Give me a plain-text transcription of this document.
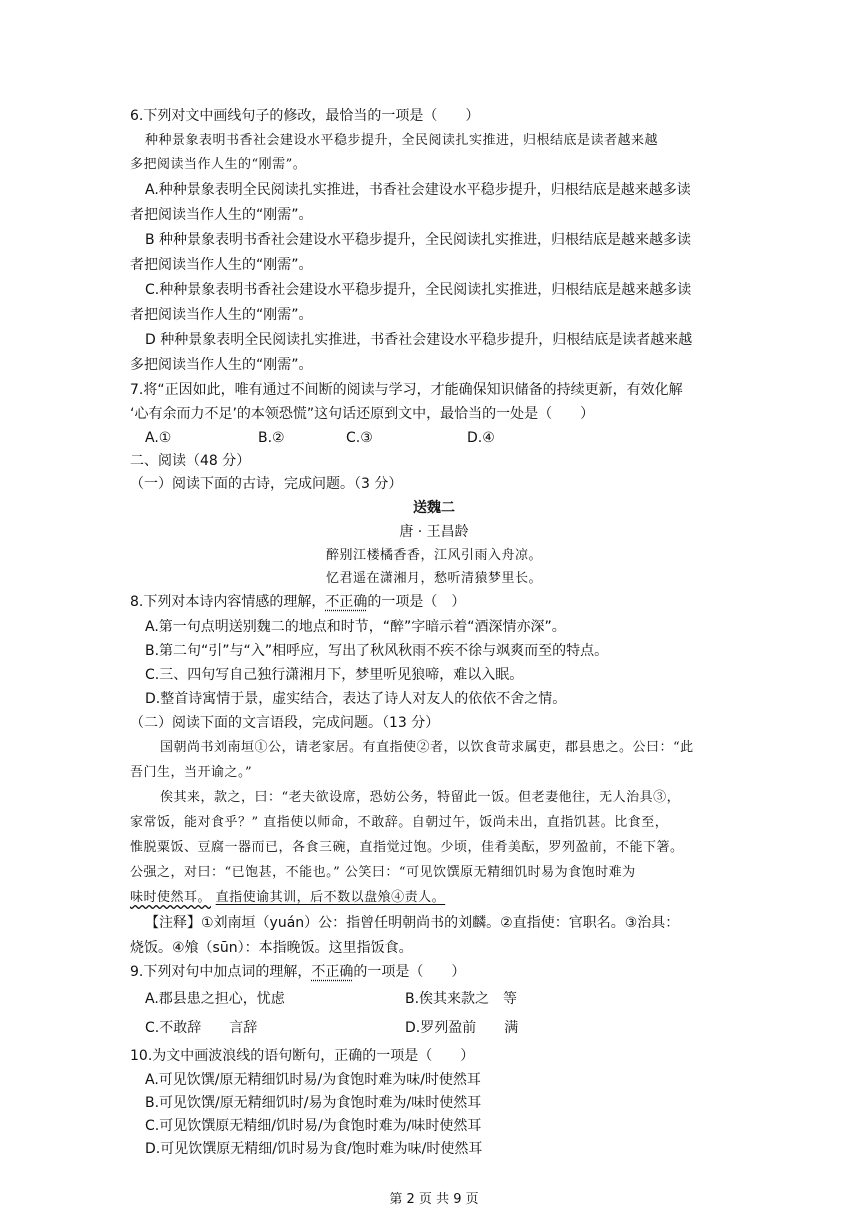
6.下列对文中画线句子的修改，最恰当的一项是（　　）
种种景象表明书香社会建设水平稳步提升，全民阅读扎实推进，归根结底是读者越来越
多把阅读当作人生的“刚需”。
A.种种景象表明全民阅读扎实推进，书香社会建设水平稳步提升，归根结底是越来越多读
者把阅读当作人生的“刚需”。
B 种种景象表明书香社会建设水平稳步提升，全民阅读扎实推进，归根结底是越来越多读
者把阅读当作人生的“刚需”。
C.种种景象表明书香社会建设水平稳步提升，全民阅读扎实推进，归根结底是越来越多读
者把阅读当作人生的“刚需”。
D 种种景象表明全民阅读扎实推进，书香社会建设水平稳步提升，归根结底是读者越来越
多把阅读当作人生的“刚需”。
7.将“正因如此，唯有通过不间断的阅读与学习，才能确保知识储备的持续更新，有效化解
‘心有余而力不足’的本领恐慌”这句话还原到文中，最恰当的一处是（　　）
A.①	B.②	C.③	D.④
二、阅读（48 分）
（一）阅读下面的古诗，完成问题。（3 分）
送魏二
唐 · 王昌龄
醉别江楼橘香香，江风引雨入舟凉。
忆君遥在潇湘月，愁听清猿梦里长。
8.下列对本诗内容情感的理解，不正确的一项是（　）
A.第一句点明送别魏二的地点和时节，“醉”字暗示着“酒深情亦深”。
B.第二句“引”与“入”相呼应，写出了秋风秋雨不疾不徐与飒爽而至的特点。
C.三、四句写自己独行潇湘月下，梦里听见狼啼，难以入眠。
D.整首诗寓情于景，虚实结合，表达了诗人对友人的依依不舍之情。
（二）阅读下面的文言语段，完成问题。（13 分）
国朝尚书刘南垣①公，请老家居。有直指使②者，以饮食苛求属吏，郡县患之。公曰：“此
吾门生，当开谕之。”
俟其来，款之，曰：“老夫欲设席，恐妨公务，特留此一饭。但老妻他往，无人治具③，
家常饭，能对食乎？” 直指使以师命，不敢辞。自朝过午，饭尚未出，直指饥甚。比食至，
惟脱粟饭、豆腐一器而已，各食三碗，直指觉过饱。少顷，佳肴美酝，罗列盈前，不能下箸。
公强之，对曰：“已饱甚，不能也。” 公笑曰：“可见饮馔原无精细饥时易为食饱时难为
味时使然耳。 直指使谕其训，后不数以盘飧④责人。
【注释】①刘南垣（yuán）公：指曾任明朝尚书的刘麟。②直指使：官职名。③治具：
烧饭。④飧（sūn）：本指晚饭。这里指饭食。
9.下列对句中加点词的理解，不正确的一项是（　　）
A.郡县患之担心，忧虑	B.俟其来款之　等
C.不敢辞　　言辞	D.罗列盈前　　满
10.为文中画波浪线的语句断句，正确的一项是（　　）
A.可见饮馔/原无精细饥时易/为食饱时难为味/时使然耳
B.可见饮馔/原无精细饥时/易为食饱时难为/味时使然耳
C.可见饮馔原无精细/饥时易/为食饱时难为/味时使然耳
D.可见饮馔原无精细/饥时易为食/饱时难为味/时使然耳
第 2 页 共 9 页
